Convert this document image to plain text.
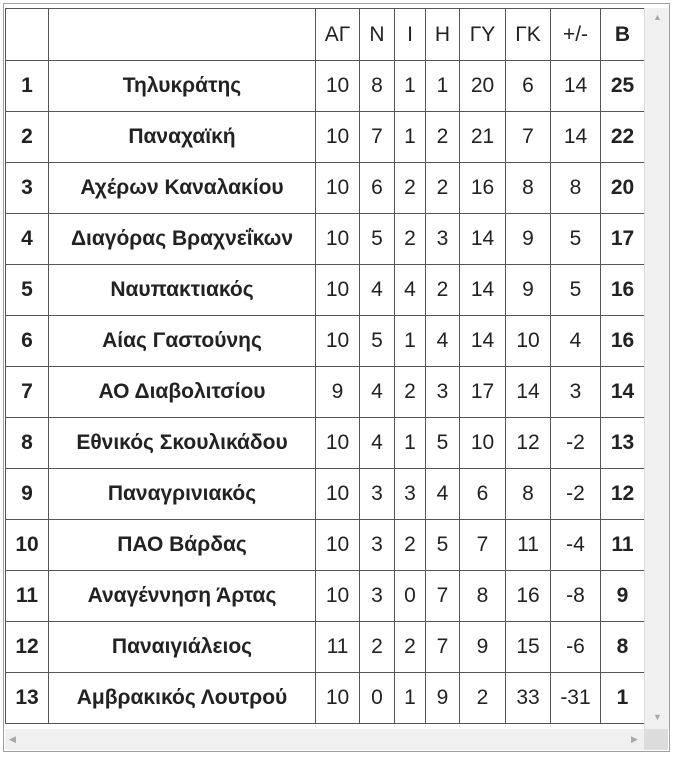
		ΑΓ	Ν	Ι	Η	ΓΥ	ΓΚ	+/-	Β
1	Τηλυκράτης	10	8	1	1	20	6	14	25
2	Παναχαϊκή	10	7	1	2	21	7	14	22
3	Αχέρων Καναλακίου	10	6	2	2	16	8	8	20
4	Διαγόρας Βραχνεΐκων	10	5	2	3	14	9	5	17
5	Ναυπακτιακός	10	4	4	2	14	9	5	16
6	Αίας Γαστούνης	10	5	1	4	14	10	4	16
7	ΑΟ Διαβολιτσίου	9	4	2	3	17	14	3	14
8	Εθνικός Σκουλικάδου	10	4	1	5	10	12	-2	13
9	Παναγρινιακός	10	3	3	4	6	8	-2	12
10	ΠΑΟ Βάρδας	10	3	2	5	7	11	-4	11
11	Αναγέννηση Άρτας	10	3	0	7	8	16	-8	9
12	Παναιγιάλειος	11	2	2	7	9	15	-6	8
13	Αμβρακικός Λουτρού	10	0	1	9	2	33	-31	1
▲
▼
◀	▶
